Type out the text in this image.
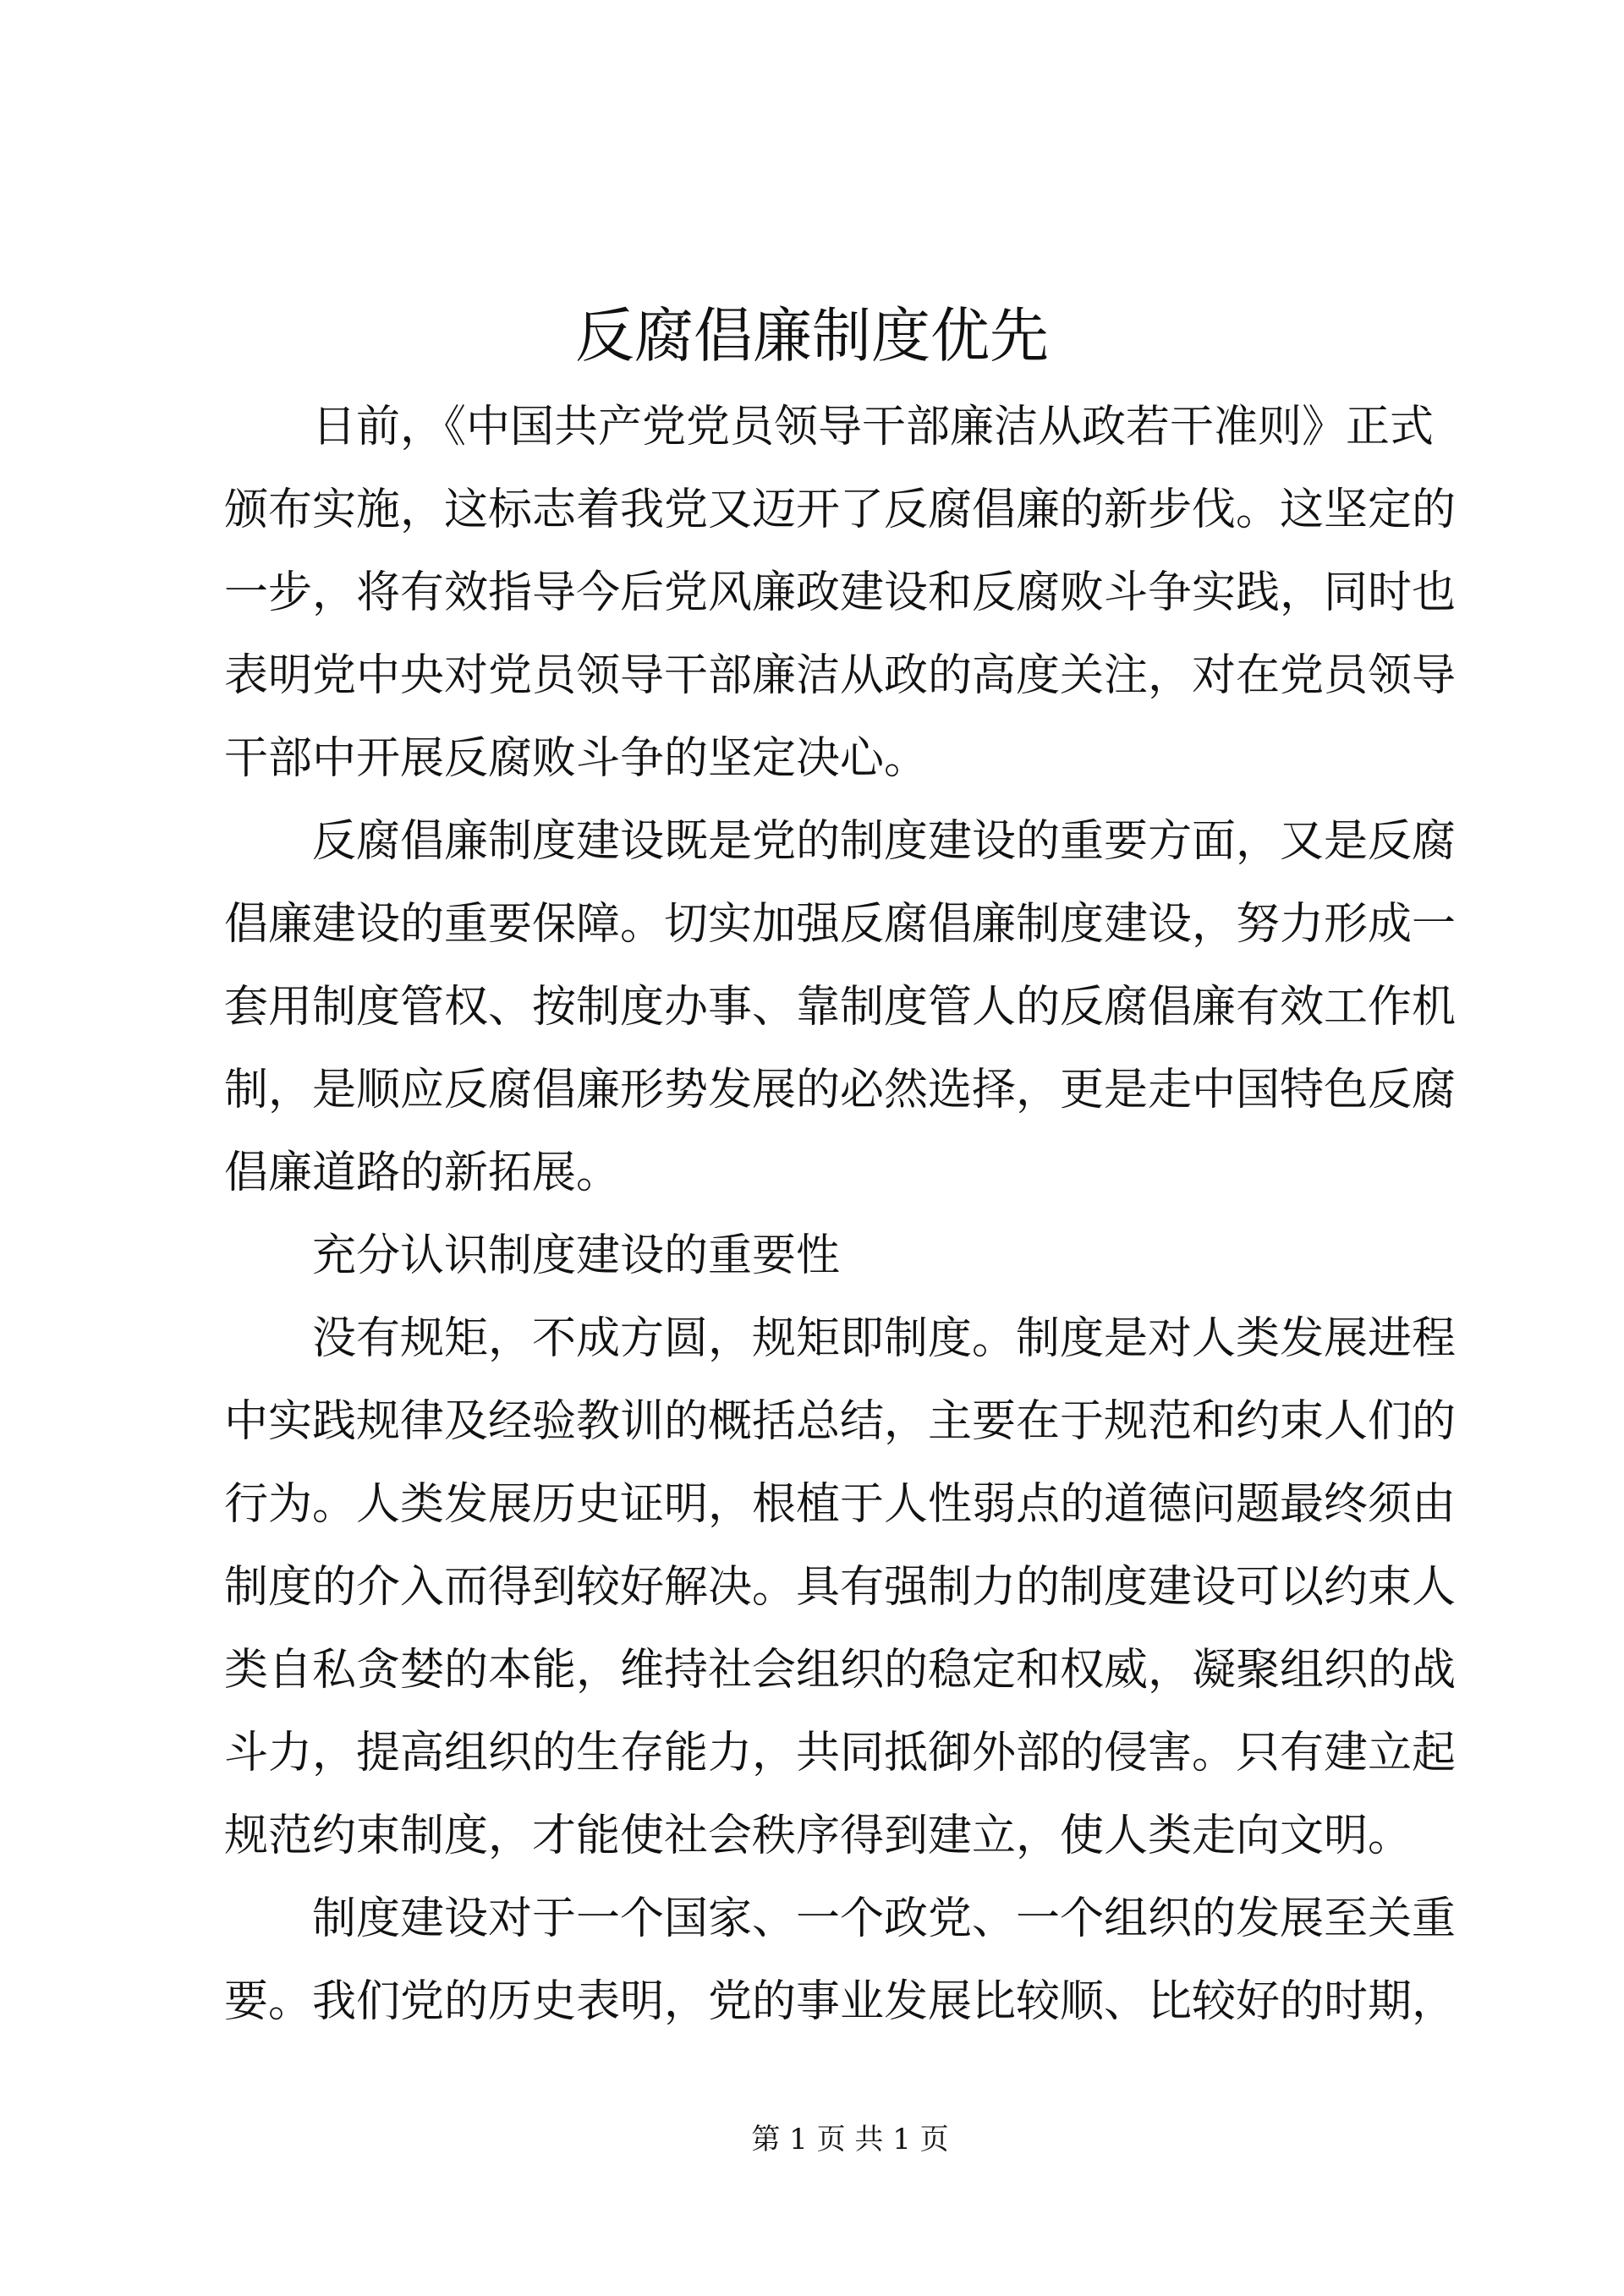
反腐倡廉制度优先
日前，《中国共产党党员领导干部廉洁从政若干准则》正式
颁布实施，这标志着我党又迈开了反腐倡廉的新步伐。这坚定的
一步，将有效指导今后党风廉政建设和反腐败斗争实践，同时也
表明党中央对党员领导干部廉洁从政的高度关注，对在党员领导
干部中开展反腐败斗争的坚定决心。
反腐倡廉制度建设既是党的制度建设的重要方面，又是反腐
倡廉建设的重要保障。切实加强反腐倡廉制度建设，努力形成一
套用制度管权、按制度办事、靠制度管人的反腐倡廉有效工作机
制，是顺应反腐倡廉形势发展的必然选择，更是走中国特色反腐
倡廉道路的新拓展。
充分认识制度建设的重要性
没有规矩，不成方圆，规矩即制度。制度是对人类发展进程
中实践规律及经验教训的概括总结，主要在于规范和约束人们的
行为。人类发展历史证明，根植于人性弱点的道德问题最终须由
制度的介入而得到较好解决。具有强制力的制度建设可以约束人
类自私贪婪的本能，维持社会组织的稳定和权威，凝聚组织的战
斗力，提高组织的生存能力，共同抵御外部的侵害。只有建立起
规范约束制度，才能使社会秩序得到建立，使人类走向文明。
制度建设对于一个国家、一个政党、一个组织的发展至关重
要。我们党的历史表明，党的事业发展比较顺、比较好的时期，
第 1 页 共 1 页
